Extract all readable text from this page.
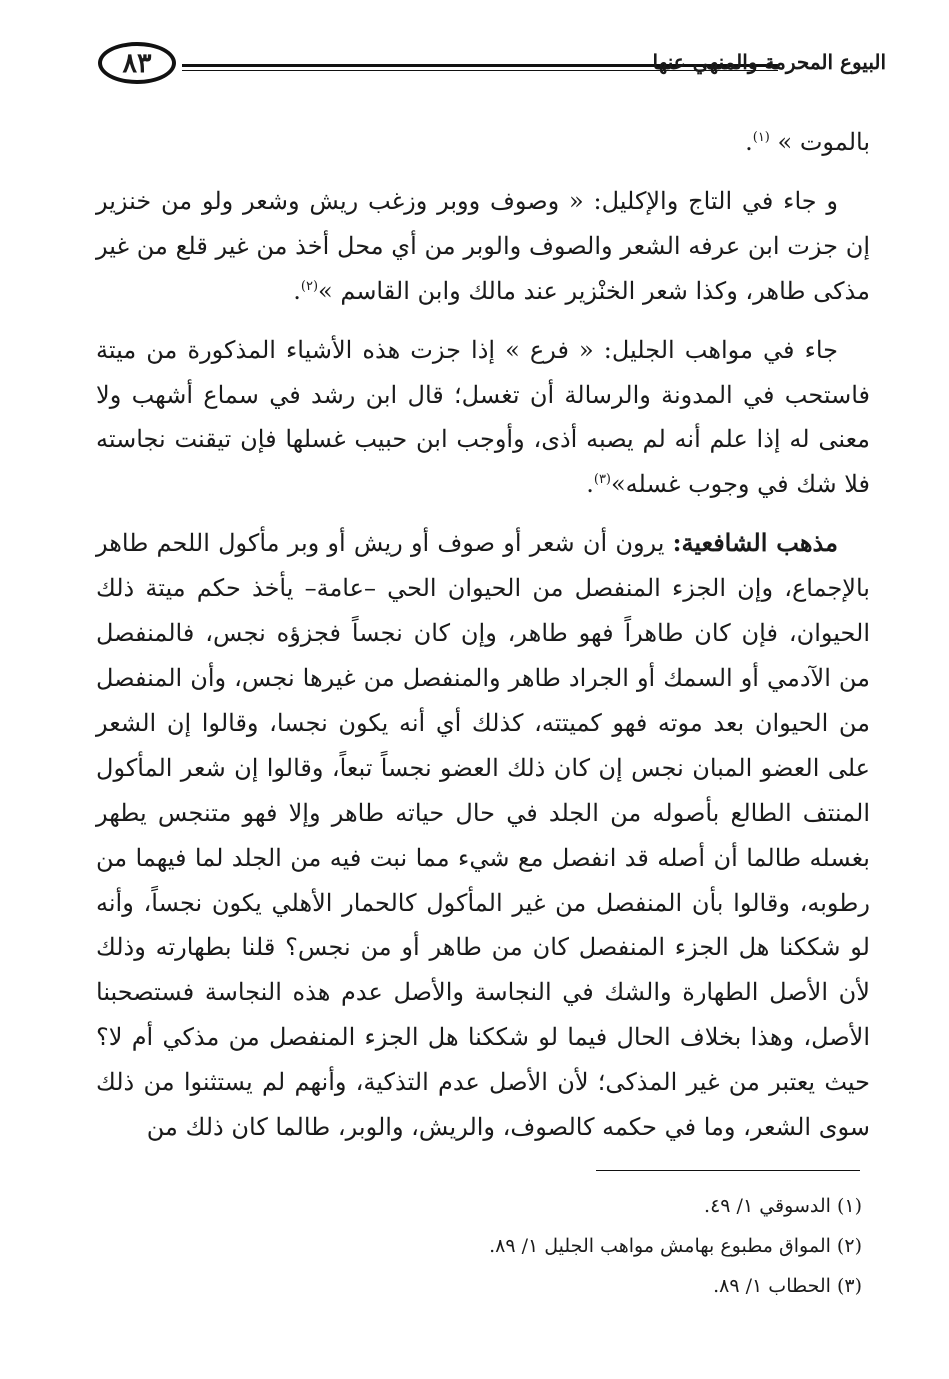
٨٣	البيوع المحرمة والمنهي عنها

بالموت » $^{(١)}$.

و جاء في التاج والإكليل: « وصوف ووبر وزغب ريش وشعر ولو من خنزير إن جزت ابن عرفه الشعر والصوف والوبر من أي محل أخذ من غير قلع من غير مذكى طاهر، وكذا شعر الخنْزير عند مالك وابن القاسم »$^{(٢)}$.

جاء في مواهب الجليل: « فرع » إذا جزت هذه الأشياء المذكورة من ميتة فاستحب في المدونة والرسالة أن تغسل؛ قال ابن رشد في سماع أشهب ولا معنى له إذا علم أنه لم يصبه أذى، وأوجب ابن حبيب غسلها فإن تيقنت نجاسته فلا شك في وجوب غسله»$^{(٣)}$.

مذهب الشافعية: يرون أن شعر أو صوف أو ريش أو وبر مأكول اللحم طاهر بالإجماع، وإن الجزء المنفصل من الحيوان الحي –عامة– يأخذ حكم ميتة ذلك الحيوان، فإن كان طاهراً فهو طاهر، وإن كان نجساً فجزؤه نجس، فالمنفصل من الآدمي أو السمك أو الجراد طاهر والمنفصل من غيرها نجس، وأن المنفصل من الحيوان بعد موته فهو كميتته، كذلك أي أنه يكون نجسا، وقالوا إن الشعر على العضو المبان نجس إن كان ذلك العضو نجساً تبعاً، وقالوا إن شعر المأكول المنتف الطالع بأصوله من الجلد في حال حياته طاهر وإلا فهو متنجس يطهر بغسله طالما أن أصله قد انفصل مع شيء مما نبت فيه من الجلد لما فيهما من رطوبه، وقالوا بأن المنفصل من غير المأكول كالحمار الأهلي يكون نجساً، وأنه لو شككنا هل الجزء المنفصل كان من طاهر أو من نجس؟ قلنا بطهارته وذلك لأن الأصل الطهارة والشك في النجاسة والأصل عدم هذه النجاسة فستصحبنا الأصل، وهذا بخلاف الحال فيما لو شككنا هل الجزء المنفصل من مذكي أم لا؟ حيث يعتبر من غير المذكى؛ لأن الأصل عدم التذكية، وأنهم لم يستثنوا من ذلك سوى الشعر، وما في حكمه كالصوف، والريش، والوبر، طالما كان ذلك من

(١) الدسوقي ١/ ٤٩.
(٢) المواق مطبوع بهامش مواهب الجليل ١/ ٨٩.
(٣) الحطاب ١/ ٨٩.
